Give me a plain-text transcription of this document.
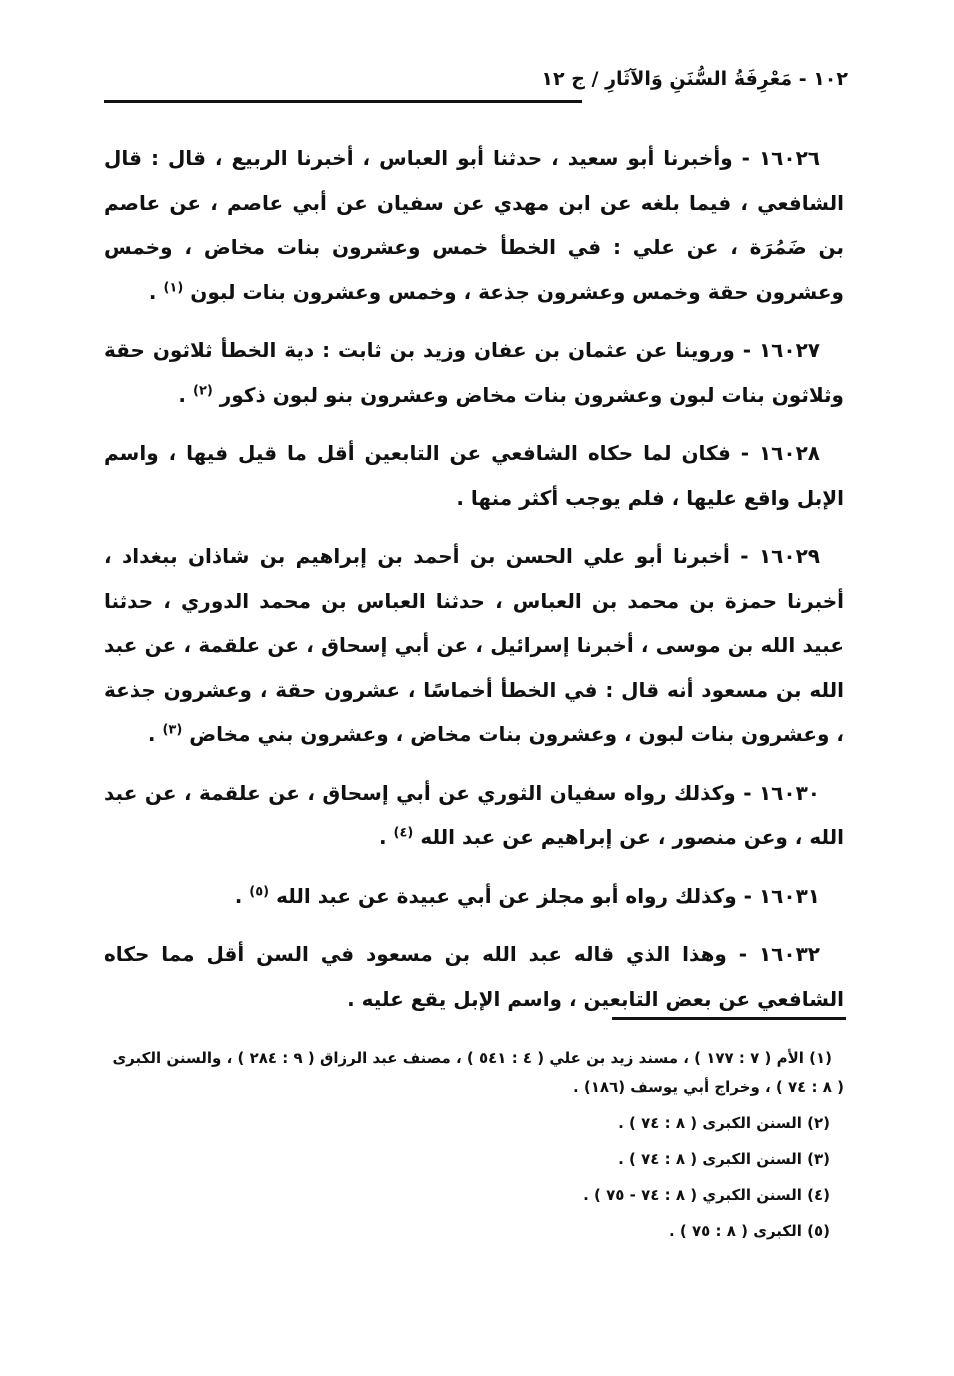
١٠٢ - مَعْرِفَةُ السُّنَنِ وَالآثَارِ / ج ١٢

١٦٠٢٦ - وأخبرنا أبو سعيد ، حدثنا أبو العباس ، أخبرنا الربيع ، قال : قال الشافعي ، فيما بلغه عن ابن مهدي عن سفيان عن أبي عاصم ، عن عاصم بن ضَمُرَة ، عن علي : في الخطأ خمس وعشرون بنات مخاض ، وخمس وعشرون حقة وخمس وعشرون جذعة ، وخمس وعشرون بنات لبون $^{(١)}$ .

١٦٠٢٧ - وروينا عن عثمان بن عفان وزيد بن ثابت : دية الخطأ ثلاثون حقة وثلاثون بنات لبون وعشرون بنات مخاض وعشرون بنو لبون ذكور $^{(٢)}$ .

١٦٠٢٨ - فكان لما حكاه الشافعي عن التابعين أقل ما قيل فيها ، واسم الإبل واقع عليها ، فلم يوجب أكثر منها .

١٦٠٢٩ - أخبرنا أبو علي الحسن بن أحمد بن إبراهيم بن شاذان ببغداد ، أخبرنا حمزة بن محمد بن العباس ، حدثنا العباس بن محمد الدوري ، حدثنا عبيد الله بن موسى ، أخبرنا إسرائيل ، عن أبي إسحاق ، عن علقمة ، عن عبد الله بن مسعود أنه قال : في الخطأ أخماسًا ، عشرون حقة ، وعشرون جذعة ، وعشرون بنات لبون ، وعشرون بنات مخاض ، وعشرون بني مخاض $^{(٣)}$ .

١٦٠٣٠ - وكذلك رواه سفيان الثوري عن أبي إسحاق ، عن علقمة ، عن عبد الله ، وعن منصور ، عن إبراهيم عن عبد الله $^{(٤)}$ .

١٦٠٣١ - وكذلك رواه أبو مجلز عن أبي عبيدة عن عبد الله $^{(٥)}$ .

١٦٠٣٢ - وهذا الذي قاله عبد الله بن مسعود في السن أقل مما حكاه الشافعي عن بعض التابعين ، واسم الإبل يقع عليه .

(١) الأم ( ٧ : ١٧٧ ) ، مسند زيد بن علي ( ٤ : ٥٤١ ) ، مصنف عبد الرزاق ( ٩ : ٢٨٤ ) ، والسنن الكبرى ( ٨ : ٧٤ ) ، وخراج أبي يوسف (١٨٦) .

(٢) السنن الكبرى ( ٨ : ٧٤ ) .

(٣) السنن الكبرى ( ٨ : ٧٤ ) .

(٤) السنن الكبري ( ٨ : ٧٤ - ٧٥ ) .

(٥) الكبرى ( ٨ : ٧٥ ) .
